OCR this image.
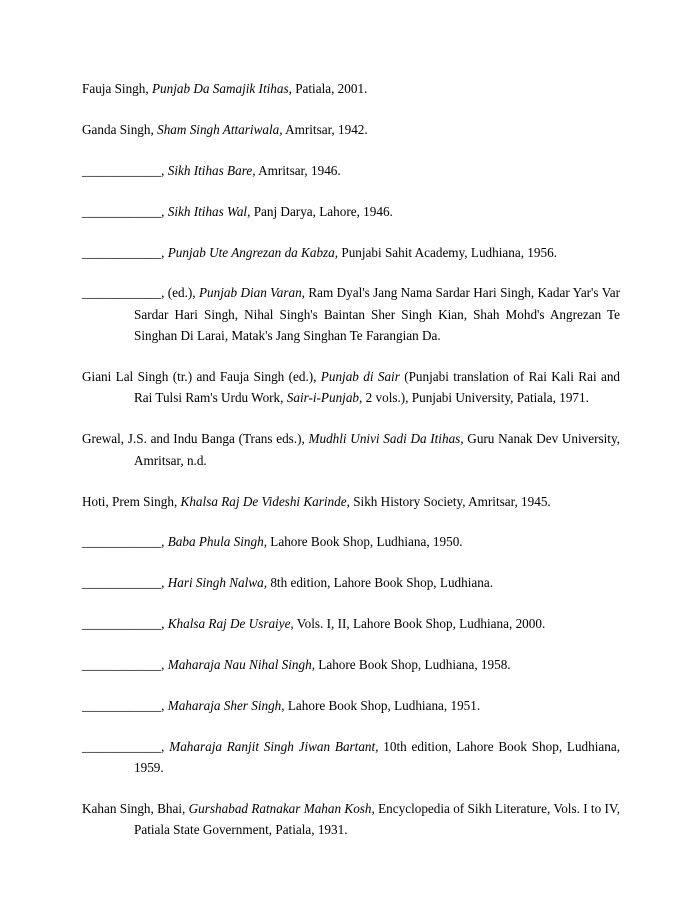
Fauja Singh, Punjab Da Samajik Itihas, Patiala, 2001.

Ganda Singh, Sham Singh Attariwala, Amritsar, 1942.

____________, Sikh Itihas Bare, Amritsar, 1946.

____________, Sikh Itihas Wal, Panj Darya, Lahore, 1946.

____________, Punjab Ute Angrezan da Kabza, Punjabi Sahit Academy, Ludhiana, 1956.

____________, (ed.), Punjab Dian Varan, Ram Dyal's Jang Nama Sardar Hari Singh, Kadar Yar's Var Sardar Hari Singh, Nihal Singh's Baintan Sher Singh Kian, Shah Mohd's Angrezan Te Singhan Di Larai, Matak's Jang Singhan Te Farangian Da.

Giani Lal Singh (tr.) and Fauja Singh (ed.), Punjab di Sair (Punjabi translation of Rai Kali Rai and Rai Tulsi Ram's Urdu Work, Sair-i-Punjab, 2 vols.), Punjabi University, Patiala, 1971.

Grewal, J.S. and Indu Banga (Trans eds.), Mudhli Univi Sadi Da Itihas, Guru Nanak Dev University, Amritsar, n.d.

Hoti, Prem Singh, Khalsa Raj De Videshi Karinde, Sikh History Society, Amritsar, 1945.

____________, Baba Phula Singh, Lahore Book Shop, Ludhiana, 1950.

____________, Hari Singh Nalwa, 8th edition, Lahore Book Shop, Ludhiana.

____________, Khalsa Raj De Usraiye, Vols. I, II, Lahore Book Shop, Ludhiana, 2000.

____________, Maharaja Nau Nihal Singh, Lahore Book Shop, Ludhiana, 1958.

____________, Maharaja Sher Singh, Lahore Book Shop, Ludhiana, 1951.

____________, Maharaja Ranjit Singh Jiwan Bartant, 10th edition, Lahore Book Shop, Ludhiana, 1959.

Kahan Singh, Bhai, Gurshabad Ratnakar Mahan Kosh, Encyclopedia of Sikh Literature, Vols. I to IV, Patiala State Government, Patiala, 1931.
